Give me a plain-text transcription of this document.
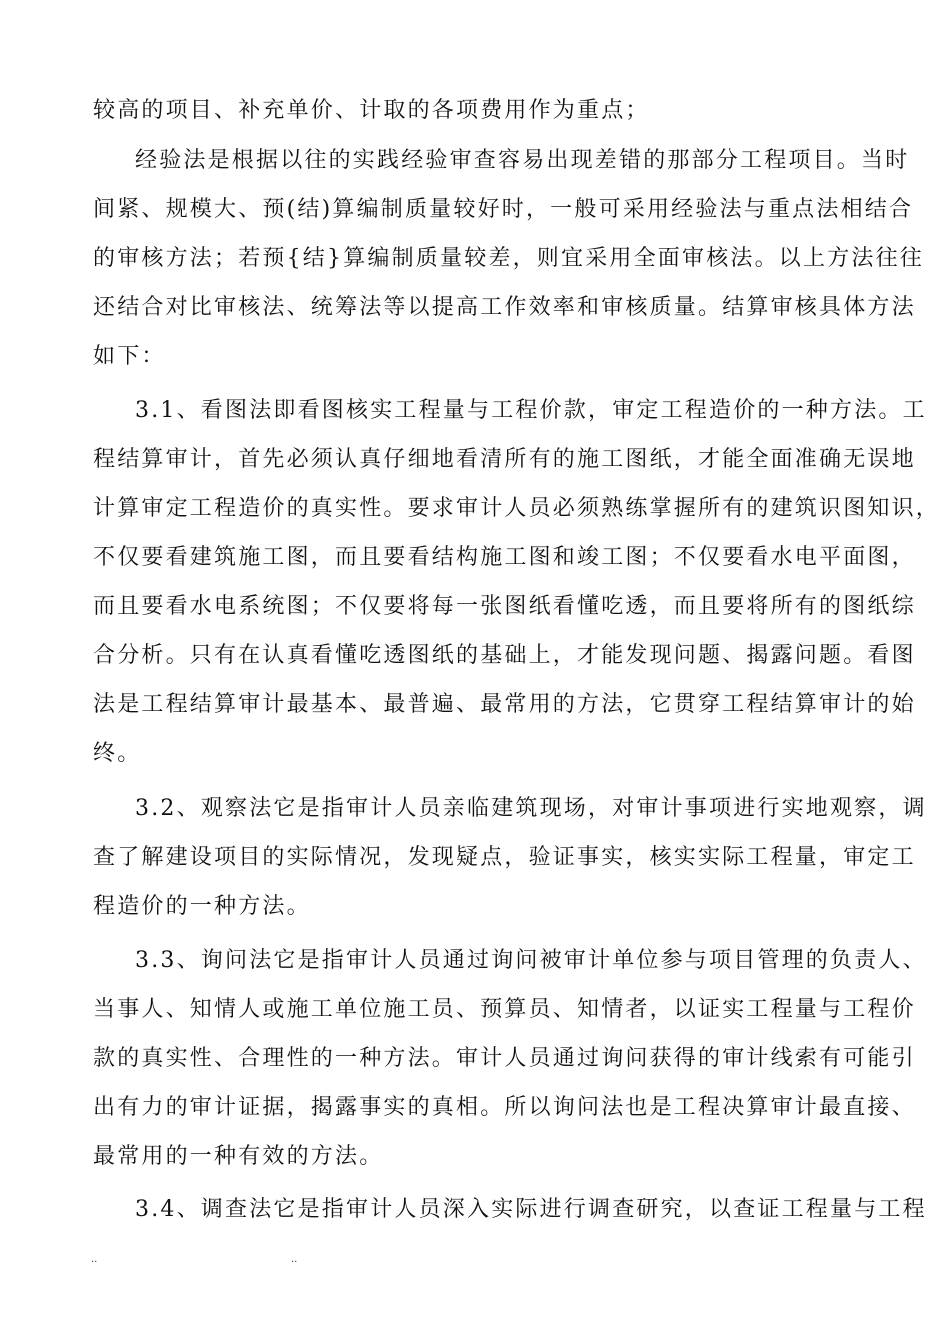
较高的项目、补充单价、计取的各项费用作为重点；
经验法是根据以往的实践经验审查容易出现差错的那部分工程项目。当时
间紧、规模大、预(结)算编制质量较好时，一般可采用经验法与重点法相结合
的审核方法；若预{结}算编制质量较差，则宜采用全面审核法。以上方法往往
还结合对比审核法、统筹法等以提高工作效率和审核质量。结算审核具体方法
如下：
3.1、看图法即看图核实工程量与工程价款，审定工程造价的一种方法。工
程结算审计，首先必须认真仔细地看清所有的施工图纸，才能全面准确无误地
计算审定工程造价的真实性。要求审计人员必须熟练掌握所有的建筑识图知识，
不仅要看建筑施工图，而且要看结构施工图和竣工图；不仅要看水电平面图，
而且要看水电系统图；不仅要将每一张图纸看懂吃透，而且要将所有的图纸综
合分析。只有在认真看懂吃透图纸的基础上，才能发现问题、揭露问题。看图
法是工程结算审计最基本、最普遍、最常用的方法，它贯穿工程结算审计的始
终。
3.2、观察法它是指审计人员亲临建筑现场，对审计事项进行实地观察，调
查了解建设项目的实际情况，发现疑点，验证事实，核实实际工程量，审定工
程造价的一种方法。
3.3、询问法它是指审计人员通过询问被审计单位参与项目管理的负责人、
当事人、知情人或施工单位施工员、预算员、知情者，以证实工程量与工程价
款的真实性、合理性的一种方法。审计人员通过询问获得的审计线索有可能引
出有力的审计证据，揭露事实的真相。所以询问法也是工程决算审计最直接、
最常用的一种有效的方法。
3.4、调查法它是指审计人员深入实际进行调查研究，以查证工程量与工程
..	..
